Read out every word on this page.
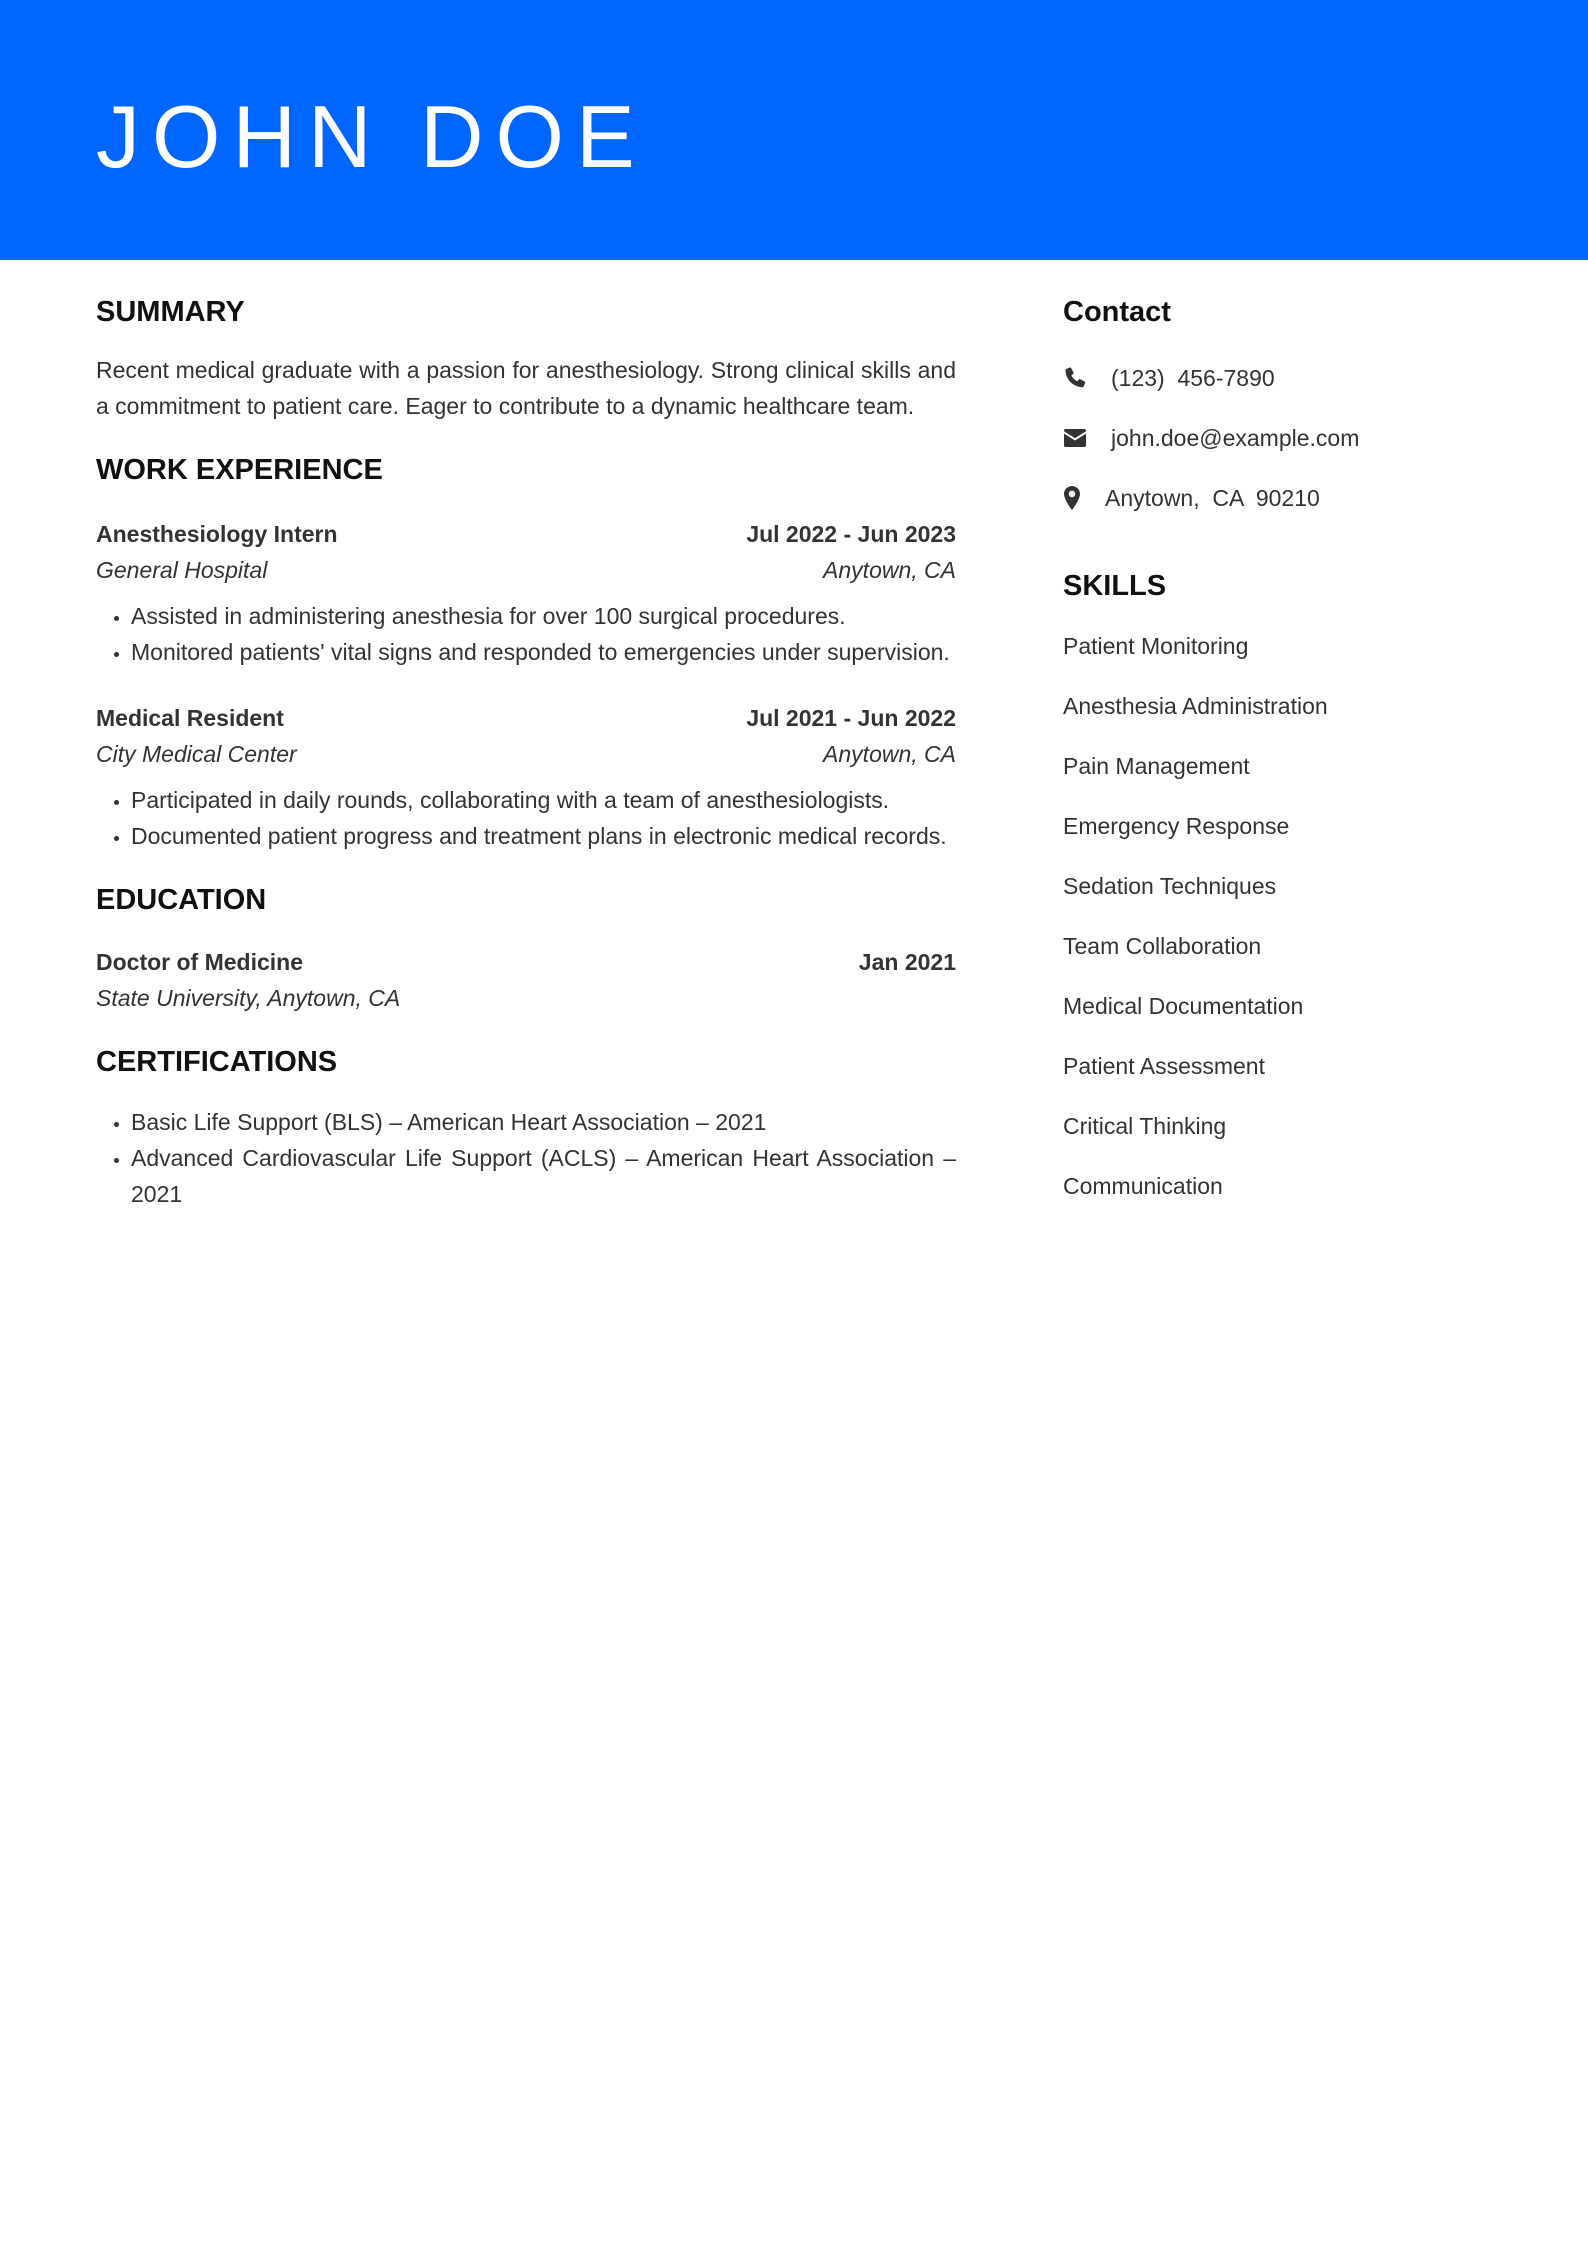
JOHN DOE
SUMMARY

Recent medical graduate with a passion for anesthesiology. Strong clinical skills and a commitment to patient care. Eager to contribute to a dynamic healthcare team.

WORK EXPERIENCE
Anesthesiology Intern	Jul 2022 - Jun 2023
General Hospital	Anytown, CA
• Assisted in administering anesthesia for over 100 surgical procedures.
• Monitored patients' vital signs and responded to emergencies under supervision.
Medical Resident	Jul 2021 - Jun 2022
City Medical Center	Anytown, CA
• Participated in daily rounds, collaborating with a team of anesthesiologists.
• Documented patient progress and treatment plans in electronic medical records.
EDUCATION
Doctor of Medicine	Jan 2021
State University, Anytown, CA
CERTIFICATIONS
• Basic Life Support (BLS) – American Heart Association – 2021
• Advanced Cardiovascular Life Support (ACLS) – American Heart Association – 2021
Contact
(123)  456-7890
john.doe@example.com
Anytown,  CA  90210
SKILLS
Patient Monitoring
Anesthesia Administration
Pain Management
Emergency Response
Sedation Techniques
Team Collaboration
Medical Documentation
Patient Assessment
Critical Thinking
Communication
